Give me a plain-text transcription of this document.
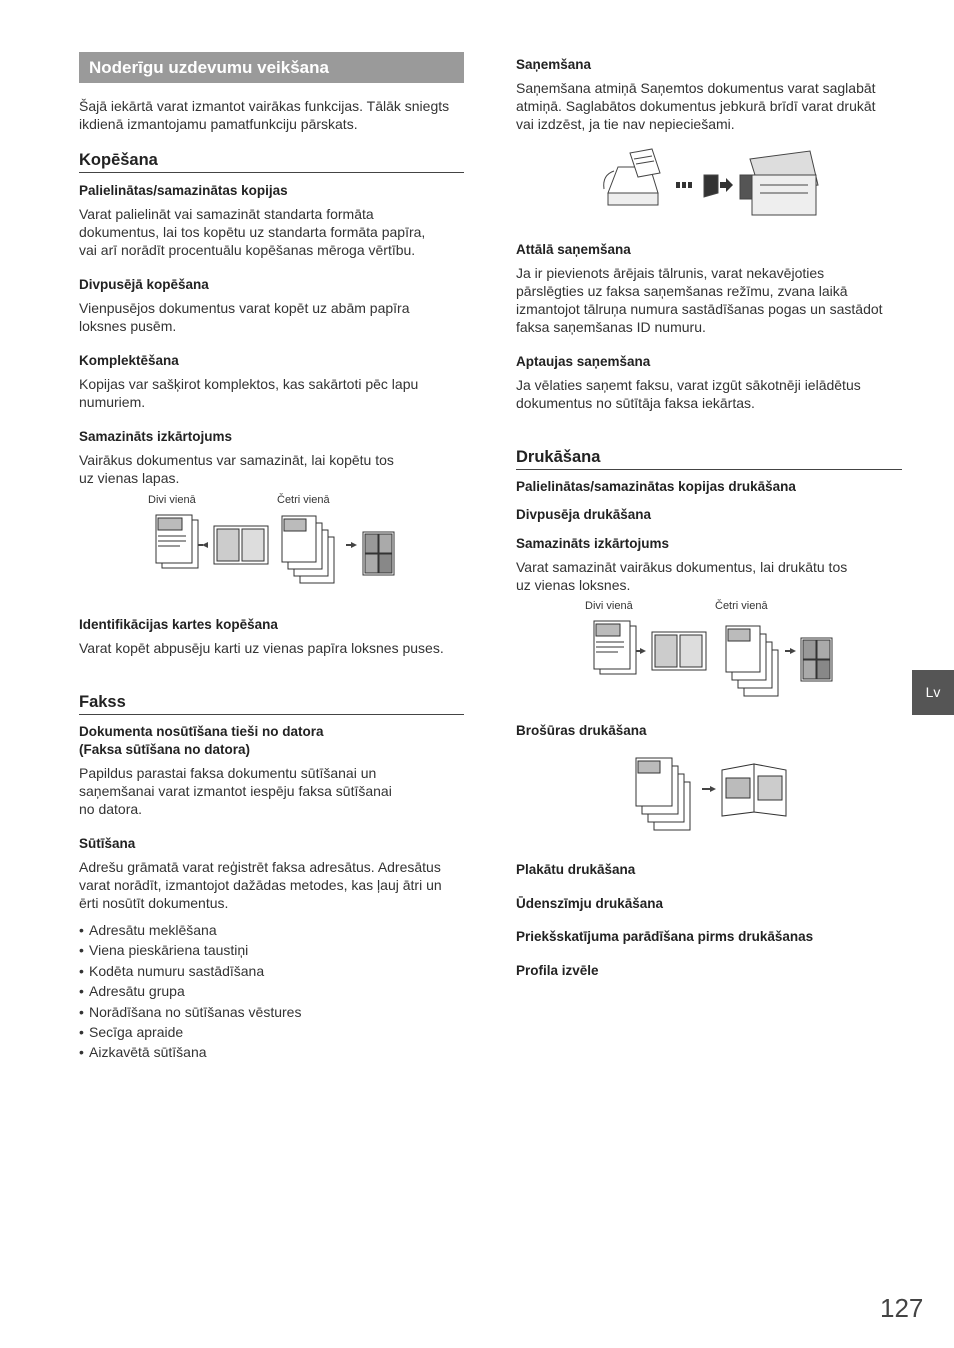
Noderīgu uzdevumu veikšana
Šajā iekārtā varat izmantot vairākas funkcijas. Tālāk sniegts
ikdienā izmantojamu pamatfunkciju pārskats.
Kopēšana
Palielinātas/samazinātas kopijas
Varat palielināt vai samazināt standarta formāta
dokumentus, lai tos kopētu uz standarta formāta papīra,
vai arī norādīt procentuālu kopēšanas mēroga vērtību.
Divpusējā kopēšana
Vienpusējos dokumentus varat kopēt uz abām papīra
loksnes pusēm.
Komplektēšana
Kopijas var sašķirot komplektos, kas sakārtoti pēc lapu
numuriem.
Samazināts izkārtojums
Vairākus dokumentus var samazināt, lai kopētu tos
uz vienas lapas.
Divi vienā	Četri vienā
Identifikācijas kartes kopēšana
Varat kopēt abpusēju karti uz vienas papīra loksnes puses.
Fakss
Dokumenta nosūtīšana tieši no datora
(Faksa sūtīšana no datora)
Papildus parastai faksa dokumentu sūtīšanai un
saņemšanai varat izmantot iespēju faksa sūtīšanai
no datora.
Sūtīšana
Adrešu grāmatā varat reģistrēt faksa adresātus. Adresātus
varat norādīt, izmantojot dažādas metodes, kas ļauj ātri un
ērti nosūtīt dokumentus.
• Adresātu meklēšana
• Viena pieskāriena taustiņi
• Kodēta numuru sastādīšana
• Adresātu grupa
• Norādīšana no sūtīšanas vēstures
• Secīga apraide
• Aizkavētā sūtīšana
Saņemšana
Saņemšana atmiņā Saņemtos dokumentus varat saglabāt
atmiņā. Saglabātos dokumentus jebkurā brīdī varat drukāt
vai izdzēst, ja tie nav nepieciešami.
Attālā saņemšana
Ja ir pievienots ārējais tālrunis, varat nekavējoties
pārslēgties uz faksa saņemšanas režīmu, zvana laikā
izmantojot tālruņa numura sastādīšanas pogas un sastādot
faksa saņemšanas ID numuru.
Aptaujas saņemšana
Ja vēlaties saņemt faksu, varat izgūt sākotnēji ielādētus
dokumentus no sūtītāja faksa iekārtas.
Drukāšana
Palielinātas/samazinātas kopijas drukāšana
Divpusēja drukāšana
Samazināts izkārtojums
Varat samazināt vairākus dokumentus, lai drukātu tos
uz vienas loksnes.
Divi vienā	Četri vienā
Brošūras drukāšana
Plakātu drukāšana
Ūdenszīmju drukāšana
Priekšskatījuma parādīšana pirms drukāšanas
Profila izvēle
Lv
127
